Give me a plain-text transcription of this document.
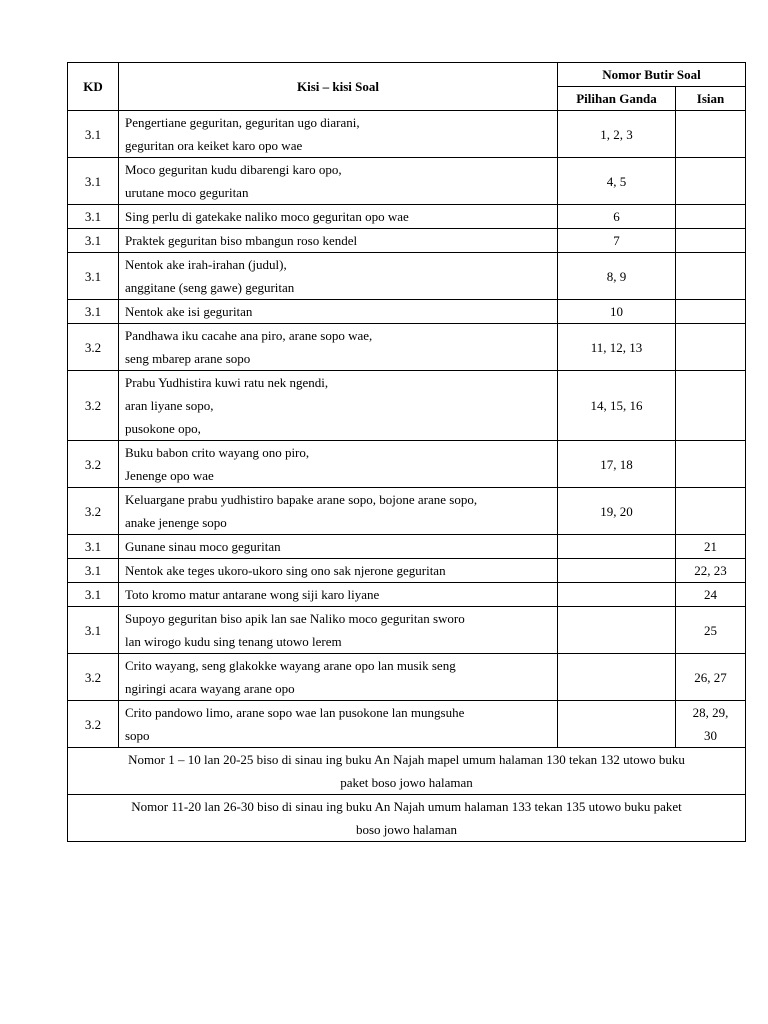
KD	Kisi – kisi Soal	Nomor Butir Soal	
		Pilihan Ganda	Isian
3.1	Pengertiane geguritan, geguritan ugo diarani,
geguritan ora keiket karo opo wae	1, 2, 3	
3.1	Moco geguritan kudu dibarengi karo opo,
urutane moco geguritan	4, 5	
3.1	Sing perlu di gatekake naliko moco geguritan opo wae	6	
3.1	Praktek geguritan biso mbangun roso kendel	7	
3.1	Nentok ake irah-irahan (judul),
anggitane (seng gawe) geguritan	8, 9	
3.1	Nentok ake isi geguritan	10	
3.2	Pandhawa iku cacahe ana piro, arane sopo wae,
seng mbarep arane sopo	11, 12, 13	
3.2	Prabu Yudhistira kuwi ratu nek ngendi,
aran liyane sopo,
pusokone opo,	14, 15, 16	
3.2	Buku babon crito wayang ono piro,
Jenenge opo wae	17, 18	
3.2	Keluargane prabu yudhistiro bapake arane sopo, bojone arane sopo,
anake jenenge sopo	19, 20	
3.1	Gunane sinau moco geguritan		21
3.1	Nentok ake teges ukoro-ukoro sing ono sak njerone geguritan		22, 23
3.1	Toto kromo matur antarane wong siji karo liyane		24
3.1	Supoyo geguritan biso apik lan sae Naliko moco geguritan sworo
lan wirogo kudu sing tenang utowo lerem		25
3.2	Crito wayang, seng glakokke wayang arane opo lan musik seng
ngiringi acara wayang arane opo		26, 27
3.2	Crito pandowo limo, arane sopo wae lan pusokone lan mungsuhe
sopo		28, 29,
30

Nomor 1 – 10 lan 20-25 biso di sinau ing buku An Najah mapel umum halaman 130 tekan 132 utowo buku
paket boso jowo halaman			

Nomor 11-20 lan 26-30 biso di sinau ing buku An Najah umum halaman 133 tekan 135 utowo buku paket
boso jowo halaman			
